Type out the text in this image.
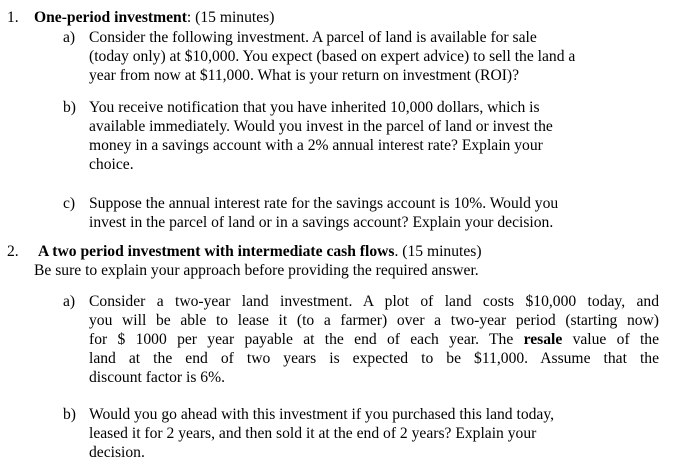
1. One-period investment: (15 minutes)
a) Consider the following investment. A parcel of land is available for sale
(today only) at $10,000. You expect (based on expert advice) to sell the land a
year from now at $11,000. What is your return on investment (ROI)?
b) You receive notification that you have inherited 10,000 dollars, which is
available immediately. Would you invest in the parcel of land or invest the
money in a savings account with a 2% annual interest rate? Explain your
choice.
c) Suppose the annual interest rate for the savings account is 10%. Would you
invest in the parcel of land or in a savings account? Explain your decision.
2. A two period investment with intermediate cash flows. (15 minutes)
Be sure to explain your approach before providing the required answer.
a) Consider a two-year land investment. A plot of land costs $10,000 today, and
you will be able to lease it (to a farmer) over a two-year period (starting now)
for $ 1000 per year payable at the end of each year. The resale value of the
land at the end of two years is expected to be $11,000. Assume that the
discount factor is 6%.
b) Would you go ahead with this investment if you purchased this land today,
leased it for 2 years, and then sold it at the end of 2 years? Explain your
decision.
